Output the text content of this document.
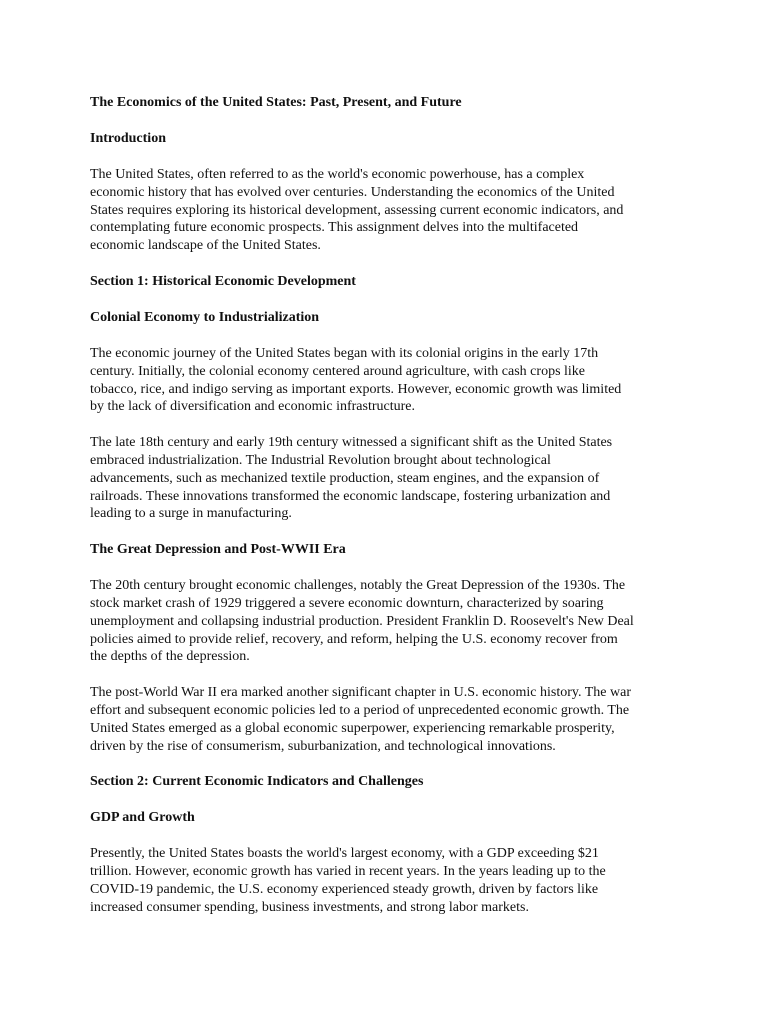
The Economics of the United States: Past, Present, and Future

Introduction

The United States, often referred to as the world's economic powerhouse, has a complex
economic history that has evolved over centuries. Understanding the economics of the United
States requires exploring its historical development, assessing current economic indicators, and
contemplating future economic prospects. This assignment delves into the multifaceted
economic landscape of the United States.

Section 1: Historical Economic Development

Colonial Economy to Industrialization

The economic journey of the United States began with its colonial origins in the early 17th
century. Initially, the colonial economy centered around agriculture, with cash crops like
tobacco, rice, and indigo serving as important exports. However, economic growth was limited
by the lack of diversification and economic infrastructure.

The late 18th century and early 19th century witnessed a significant shift as the United States
embraced industrialization. The Industrial Revolution brought about technological
advancements, such as mechanized textile production, steam engines, and the expansion of
railroads. These innovations transformed the economic landscape, fostering urbanization and
leading to a surge in manufacturing.

The Great Depression and Post-WWII Era

The 20th century brought economic challenges, notably the Great Depression of the 1930s. The
stock market crash of 1929 triggered a severe economic downturn, characterized by soaring
unemployment and collapsing industrial production. President Franklin D. Roosevelt's New Deal
policies aimed to provide relief, recovery, and reform, helping the U.S. economy recover from
the depths of the depression.

The post-World War II era marked another significant chapter in U.S. economic history. The war
effort and subsequent economic policies led to a period of unprecedented economic growth. The
United States emerged as a global economic superpower, experiencing remarkable prosperity,
driven by the rise of consumerism, suburbanization, and technological innovations.

Section 2: Current Economic Indicators and Challenges

GDP and Growth

Presently, the United States boasts the world's largest economy, with a GDP exceeding $21
trillion. However, economic growth has varied in recent years. In the years leading up to the
COVID-19 pandemic, the U.S. economy experienced steady growth, driven by factors like
increased consumer spending, business investments, and strong labor markets.
